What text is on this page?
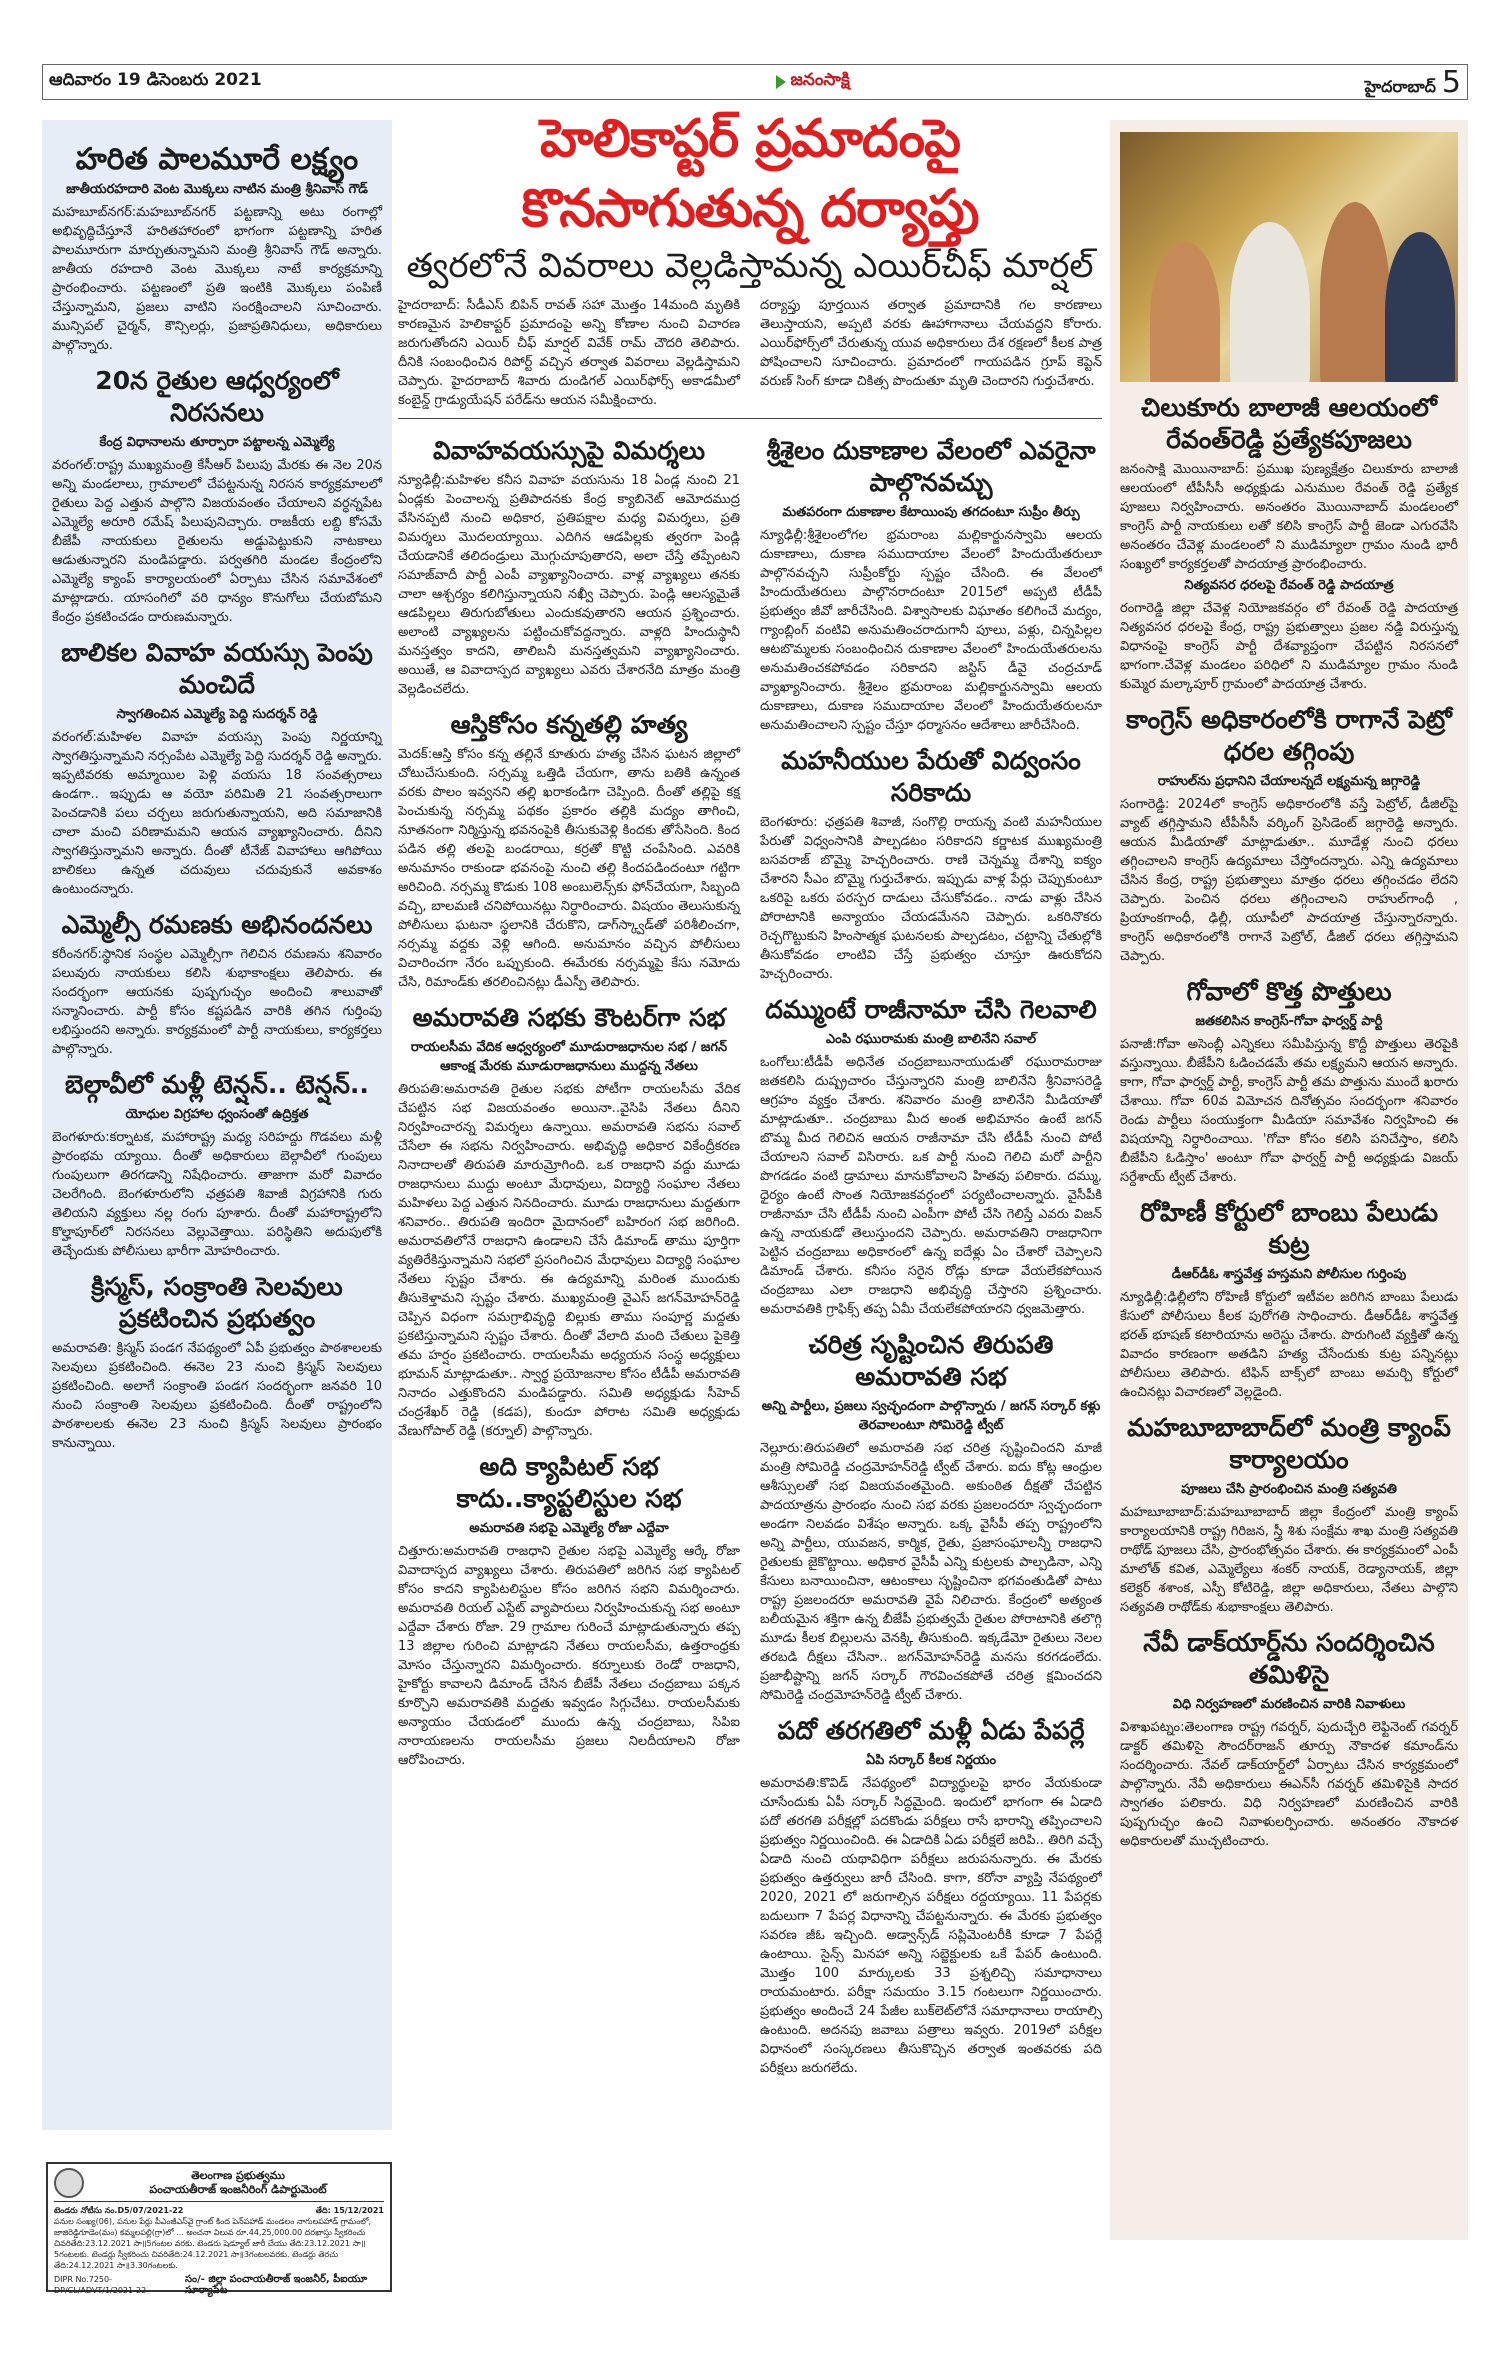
ఆదివారం 19 డిసెంబరు 2021	జనంసాక్షి	హైదరాబాద్ 5
హరిత పాలమూరే లక్ష్యం
జాతీయరహదారి వెంట మొక్కలు నాటిన మంత్రి శ్రీనివాస్ గౌడ్

మహబూబ్‌నగర్:మహబూబ్‌నగర్ పట్టణాన్ని అటు రంగాల్లో అభివృద్ధిచేస్తూనే హరితహారంలో భాగంగా పట్టణాన్ని హరిత పాలమూరుగా మార్చుతున్నామని మంత్రి శ్రీనివాస్ గౌడ్ అన్నారు. జాతీయ రహదారి వెంట మొక్కలు నాటే కార్యక్రమాన్ని ప్రారంభించారు. పట్టణంలో ప్రతి ఇంటికి మొక్కలు పంపిణీ చేస్తున్నామని, ప్రజలు వాటిని సంరక్షించాలని సూచించారు. మున్సిపల్ చైర్మన్, కౌన్సిలర్లు, ప్రజాప్రతినిధులు, అధికారులు పాల్గొన్నారు.

20న రైతుల ఆధ్వర్యంలో నిరసనలు
కేంద్ర విధానాలను తూర్పారా పట్టాలన్న ఎమ్మెల్యే

వరంగల్:రాష్ట్ర ముఖ్యమంత్రి కేసీఆర్ పిలుపు మేరకు ఈ నెల 20న అన్ని మండలాలు, గ్రామాలలో చేపట్టనున్న నిరసన కార్యక్రమాలలో రైతులు పెద్ద ఎత్తున పాల్గొని విజయవంతం చేయాలని వర్ధన్నపేట ఎమ్మెల్యే అరూరి రమేష్ పిలుపునిచ్చారు. రాజకీయ లబ్ది కోసమే బీజేపీ నాయకులు రైతులను అడ్డుపెట్టుకుని నాటకాలు ఆడుతున్నారని మండిపడ్డారు. పర్వతగిరి మండల కేంద్రంలోని ఎమ్మెల్యే క్యాంప్ కార్యాలయంలో ఏర్పాటు చేసిన సమావేశంలో మాట్లాడారు. యాసంగిలో వరి ధాన్యం కొనుగోలు చేయబోమని కేంద్రం ప్రకటించడం దారుణమన్నారు.

బాలికల వివాహ వయస్సు పెంపు మంచిదే
స్వాగతించిన ఎమ్మెల్యే పెద్ది సుదర్శన్ రెడ్డి

వరంగల్:మహిళల వివాహ వయస్సు పెంపు నిర్ణయాన్ని స్వాగతిస్తున్నామని నర్సంపేట ఎమ్మెల్యే పెద్ది సుదర్శన్ రెడ్డి అన్నారు. ఇప్పటివరకు అమ్మాయిల పెళ్లి వయసు 18 సంవత్సరాలు ఉండగా.. ఇప్పుడు ఆ వయో పరిమితి 21 సంవత్సరాలుగా పెంచడానికి పలు చర్చలు జరుగుతున్నాయని, అది సమాజానికి చాలా మంచి పరిణామమని ఆయన వ్యాఖ్యానించారు. దీనిని స్వాగతిస్తున్నామని అన్నారు. దీంతో టీనేజ్ వివాహాలు ఆగిపోయి బాలికలు ఉన్నత చదువులు చదువుకునే అవకాశం ఉంటుందన్నారు.

ఎమ్మెల్సీ రమణకు అభినందనలు

కరీంనగర్:స్థానిక సంస్థల ఎమ్మెల్సీగా గెలిచిన రమణను శనివారం పలువురు నాయకులు కలిసి శుభాకాంక్షలు తెలిపారు. ఈ సందర్భంగా ఆయనకు పుష్పగుచ్ఛం అందించి శాలువాతో సన్మానించారు. పార్టీ కోసం కష్టపడిన వారికి తగిన గుర్తింపు లభిస్తుందని అన్నారు. కార్యక్రమంలో పార్టీ నాయకులు, కార్యకర్తలు పాల్గొన్నారు.

బెల్గావీలో మళ్లీ టెన్షన్.. టెన్షన్..
యోధుల విగ్రహాల ధ్వంసంతో ఉద్రిక్తత

బెంగళూరు:కర్నాటక, మహారాష్ట్ర మధ్య సరిహద్దు గొడవలు మళ్లీ ప్రారంభమ య్యాయి. దీంతో అధికారులు బెల్గావీలో గుంపులు గుంపులుగా తిరగడాన్ని నిషేధించారు. తాజాగా మరో వివాదం చెలరేగింది. బెంగళూరులోని ఛత్రపతి శివాజీ విగ్రహానికి గురు తెలియని వ్యక్తులు నల్ల రంగు పూశారు. దీంతో మహారాష్ట్రలోని కొల్హాపూర్‌లో నిరసనలు వెల్లువెత్తాయి. పరిస్థితిని అదుపులోకి తెచ్చేందుకు పోలీసులు భారీగా మోహరించారు.

క్రిస్మస్, సంక్రాంతి సెలవులు ప్రకటించిన ప్రభుత్వం

అమరావతి: క్రిస్మస్ పండగ నేపథ్యంలో ఏపీ ప్రభుత్వం పాఠశాలలకు సెలవులు ప్రకటించింది. ఈనెల 23 నుంచి క్రిస్మస్ సెలవులు ప్రకటించింది. అలాగే సంక్రాంతి పండగ సందర్భంగా జనవరి 10 నుంచి సంక్రాంతి సెలవులు ప్రకటించింది. దీంతో రాష్ట్రంలోని పాఠశాలలకు ఈనెల 23 నుంచి క్రిస్మస్ సెలవులు ప్రారంభం కానున్నాయి.

హెలికాప్టర్ ప్రమాదంపై కొనసాగుతున్న దర్యాప్తు
త్వరలోనే వివరాలు వెల్లడిస్తామన్న ఎయిర్‌చీఫ్ మార్షల్

హైదరాబాద్: సీడీఎస్ బిపిన్ రావత్ సహా మొత్తం 14మంది మృతికి కారణమైన హెలికాప్టర్ ప్రమాదంపై అన్ని కోణాల నుంచి విచారణ జరుగుతోందని ఎయిర్ చీఫ్ మార్షల్ వివేక్ రామ్ చౌదరి తెలిపారు. దీనికి సంబంధించిన రిపోర్ట్ వచ్చిన తర్వాత వివరాలు వెల్లడిస్తామని చెప్పారు. హైదరాబాద్ శివారు దుండిగల్ ఎయిర్‌ఫోర్స్ అకాడమీలో కంబైన్డ్ గ్రాడ్యుయేషన్ పరేడ్‌ను ఆయన సమీక్షించారు.

దర్యాప్తు పూర్తయిన తర్వాత ప్రమాదానికి గల కారణాలు తెలుస్తాయని, అప్పటి వరకు ఊహాగానాలు చేయవద్దని కోరారు. ఎయిర్‌ఫోర్స్‌లో చేరుతున్న యువ అధికారులు దేశ రక్షణలో కీలక పాత్ర పోషించాలని సూచించారు. ప్రమాదంలో గాయపడిన గ్రూప్ కెప్టెన్ వరుణ్ సింగ్ కూడా చికిత్స పొందుతూ మృతి చెందారని గుర్తుచేశారు.

వివాహవయస్సుపై విమర్శలు

న్యూఢిల్లీ:మహిళల కనీస వివాహ వయసును 18 ఏండ్ల నుంచి 21 ఏండ్లకు పెంచాలన్న ప్రతిపాదనకు కేంద్ర క్యాబినెట్ ఆమోదముద్ర వేసినప్పటి నుంచి అధికార, ప్రతిపక్షాల మధ్య విమర్శలు, ప్రతి విమర్శలు మొదలయ్యాయి. ఎదిగిన ఆడపిల్లకు త్వరగా పెండ్లి చేయడానికే తలిదండ్రులు మొగ్గుచూపుతారని, అలా చేస్తే తప్పేంటని సమాజ్‌వాదీ పార్టీ ఎంపీ వ్యాఖ్యానించారు. వాళ్ల వ్యాఖ్యలు తనకు చాలా ఆశ్చర్యం కలిగిస్తున్నాయని నఖ్వీ చెప్పారు. పెండ్లి ఆలస్యమైతే ఆడపిల్లలు తిరుగుబోతులు ఎందుకవుతారని ఆయన ప్రశ్నించారు. అలాంటి వ్యాఖ్యలను పట్టించుకోవద్దన్నారు. వాళ్లది హిందుస్థానీ మనస్తత్వం కాదని, తాలిబనీ మనస్తత్వమని వ్యాఖ్యానించారు. అయితే, ఆ వివాదాస్పద వ్యాఖ్యలు ఎవరు చేశారనేది మాత్రం మంత్రి వెల్లడించలేదు.

ఆస్తికోసం కన్నతల్లి హత్య

మెదక్:ఆస్తి కోసం కన్న తల్లినే కూతురు హత్య చేసిన ఘటన జిల్లాలో చోటుచేసుకుంది. సర్సమ్మ ఒత్తిడి చేయగా, తాను బతికి ఉన్నంత వరకు పొలం ఇవ్వనని తల్లి ఖరాకండిగా చెప్పింది. దీంతో తల్లిపై కక్ష పెంచుకున్న నర్సమ్మ పథకం ప్రకారం తల్లికి మద్యం తాగించి, నూతనంగా నిర్మిస్తున్న భవనంపైకి తీసుకువెళ్లి కిందకు తోసేసింది. కింద పడిన తల్లి తలపై బండరాయి, కర్రతో కొట్టి చంపేసింది. ఎవరికి అనుమానం రాకుండా భవనంపై నుంచి తల్లి కిందపడిందంటూ గట్టిగా అరిచింది. నర్సమ్మ కొడుకు 108 అంబులెన్స్‌కు ఫోన్‌చేయగా, సిబ్బంది వచ్చి, బాలమణి చనిపోయినట్లు నిర్ధారించారు. విషయం తెలుసుకున్న పోలీసులు ఘటనా స్థలానికి చేరుకొని, డాగ్‌స్క్వాడ్‌తో పరిశీలించగా, నర్సమ్మ వద్దకు వెళ్లి ఆగింది. అనుమానం వచ్చిన పోలీసులు విచారించగా నేరం ఒప్పుకుంది. ఈమేరకు నర్సమ్మపై కేసు నమోదు చేసి, రిమాండ్‌కు తరలించినట్లు డీఎస్పీ తెలిపారు.

అమరావతి సభకు కౌంటర్‌గా సభ
రాయలసీమ వేదిక ఆధ్వర్యంలో మూడురాజధానుల సభ / జగన్ ఆకాంక్ష మేరకు మూడురాజధానులు ముద్దన్న నేతలు

తిరుపతి:అమరావతి రైతుల సభకు పోటీగా రాయలసీమ వేదిక చేపట్టిన సభ విజయవంతం అయినా..వైసిపి నేతలు దీనిని నిర్వహించారన్న విమర్శలు ఉన్నాయి. అమరావతి సభను సవాల్ చేసేలా ఈ సభను నిర్వహించారు. అభివృద్ధి అధికార వికేంద్రీకరణ నినాదాలతో తిరుపతి మారుమ్రోగింది. ఒక రాజధాని వద్దు మూడు రాజధానులు ముద్దు అంటూ మేధావులు, విద్యార్థి సంఘాల నేతలు మహిళలు పెద్ద ఎత్తున నినదించారు. మూడు రాజధానులు మద్దతుగా శనివారం.. తిరుపతి ఇందిరా మైదానంలో బహిరంగ సభ జరిగింది. అమరావతిలోనే రాజధాని ఉండాలని చేసే డిమాండ్ తాము పూర్తిగా వ్యతిరేకిస్తున్నామని సభలో ప్రసంగించిన మేధావులు విద్యార్థి సంఘాల నేతలు స్పష్టం చేశారు. ఈ ఉద్యమాన్ని మరింత ముందుకు తీసుకెళ్తామని స్పష్టం చేశారు. ముఖ్యమంత్రి వైఎస్ జగన్‌మోహన్‌రెడ్డి చెప్పిన విధంగా సమగ్రాభివృద్ధి బిల్లుకు తాము సంపూర్ణ మద్దతు ప్రకటిస్తున్నామని స్పష్టం చేశారు. దీంతో వేలాది మంది చేతులు పైకెత్తి తమ హర్షం ప్రకటించారు. రాయలసీమ అధ్యయన సంస్థ అధ్యక్షులు భూమన్ మాట్లాడుతూ.. స్వార్థ ప్రయోజనాల కోసం టీడీపీ అమరావతి నినాదం ఎత్తుకొందని మండిపడ్డారు. సమితి అధ్యక్షుడు సీహెచ్ చంద్రశేఖర్ రెడ్డి (కడప), కుందూ పోరాట సమితి అధ్యక్షుడు వేణుగోపాల్ రెడ్డి (కర్నూల్) పాల్గొన్నారు.

అది క్యాపిటల్ సభ కాదు..క్యాప్టలిస్టుల సభ
అమరావతి సభపై ఎమ్మెల్యే రోజా ఎద్దేవా

చిత్తూరు:అమరావతి రాజధాని రైతుల సభపై ఎమ్మెల్యే ఆర్కే రోజా వివాదాస్పద వ్యాఖ్యలు చేశారు. తిరుపతిలో జరిగిన సభ క్యాపిటల్ కోసం కాదని క్యాపిటలిస్టుల కోసం జరిగిన సభని విమర్శించారు. అమరావతి రియల్ ఎస్టేట్ వ్యాపారులు నిర్వహించుకున్న సభ అంటూ ఎద్దేవా చేశారు రోజా. 29 గ్రామాల గురించే మాట్లాడుతున్నారు తప్ప 13 జిల్లాల గురించి మాట్లాడని నేతలు రాయలసీమ, ఉత్తరాంధ్రకు మోసం చేస్తున్నారని విమర్శించారు. కర్నూలుకు రెండో రాజధాని, హైకోర్టు కావాలని డిమాండ్ చేసిన బీజేపీ నేతలు చంద్రబాబు పక్కన కూర్చొని అమరావతికి మద్దతు ఇవ్వడం సిగ్గుచేటు. రాయలసీమకు అన్యాయం చేయడంలో ముందు ఉన్న చంద్రబాబు, సిపిఐ నారాయణలను రాయలసీమ ప్రజలు నిలదీయాలని రోజా ఆరోపించారు.

శ్రీశైలం దుకాణాల వేలంలో ఎవరైనా పాల్గొనవచ్చు
మతపరంగా దుకాణాల కేటాయింపు తగదంటూ సుప్రీం తీర్పు

న్యూఢిల్లీ:శ్రీశైలంలోగల భ్రమరాంబ మల్లికార్జునస్వామి ఆలయ దుకాణాలు, దుకాణ సముదాయాల వేలంలో హిందుయేతరులూ పాల్గొనవచ్చని సుప్రీంకోర్టు స్పష్టం చేసింది. ఈ వేలంలో హిందుయేతరులు పాల్గొనరాదంటూ 2015లో అప్పటి టీడీపీ ప్రభుత్వం జీవో జారీచేసింది. విశ్వాసాలకు విఘాతం కలిగించే మద్యం, గ్యాంబ్లింగ్ వంటివి అనుమతించరాదుగానీ పూలు, పళ్లు, చిన్నపిల్లల ఆటబొమ్మలకు సంబంధించిన దుకాణాల వేలంలో హిందుయేతరులను అనుమతించకపోవడం సరికాదని జస్టిస్ డీవై చంద్రచూడ్ వ్యాఖ్యానించారు. శ్రీశైలం భ్రమరాంబ మల్లికార్జునస్వామి ఆలయ దుకాణాలు, దుకాణ సముదాయాల వేలంలో హిందుయేతరులనూ అనుమతించాలని స్పష్టం చేస్తూ ధర్మాసనం ఆదేశాలు జారీచేసింది.

మహనీయుల పేరుతో విద్వంసం సరికాదు

బెంగళూరు: ఛత్రపతి శివాజీ, సంగొల్లి రాయన్న వంటి మహనీయుల పేరుతో విధ్వంసానికి పాల్పడటం సరికాదని కర్ణాటక ముఖ్యమంత్రి బసవరాజ్ బొమ్మై హెచ్చరించారు. రాణి చెన్నమ్మ దేశాన్ని ఐక్యం చేశారని సీఎం బొమ్మై గుర్తుచేశారు. ఇప్పుడు వాళ్ల పేర్లు చెప్పుకుంటూ ఒకరిపై ఒకరు పరస్పర దాడులు చేసుకోవడం.. నాడు వాళ్లు చేసిన పోరాటానికి అన్యాయం చేయడమేనని చెప్పారు. ఒకరినొకరు రెచ్చగొట్టుకుని హింసాత్మక ఘటనలకు పాల్పడటం, చట్టాన్ని చేతుల్లోకి తీసుకోవడం లాంటివి చేస్తే ప్రభుత్వం చూస్తూ ఊరుకోదని హెచ్చరించారు.

దమ్ముంటే రాజీనామా చేసి గెలవాలి
ఎంపి రఘురామకు మంత్రి బాలినేని సవాల్

ఒంగోలు:టీడీపీ అధినేత చంద్రబాబునాయుడుతో రఘురామరాజు జతకలిసి దుష్ప్రచారం చేస్తున్నారని మంత్రి బాలినేని శ్రీనివాసరెడ్డి ఆగ్రహం వ్యక్తం చేశారు. శనివారం మంత్రి బాలినేని మీడియాతో మాట్లాడుతూ.. చంద్రబాబు మీద అంత అభిమానం ఉంటే జగన్ బొమ్మ మీద గెలిచిన ఆయన రాజీనామా చేసి టీడీపీ నుంచి పోటీ చేయాలని సవాల్ విసిరారు. ఒక పార్టీ నుంచి గెలిచి మరో పార్టీని పొగడడం వంటి డ్రామాలు మానుకోవాలని హితవు పలికారు. దమ్ము, ధైర్యం ఉంటే సొంత నియోజకవర్గంలో పర్యటించాలన్నారు. వైసీపీకి రాజీనామా చేసి టీడీపీ నుంచి ఎంపీగా పోటీ చేసి గెలిస్తే ఎవరు విజన్ ఉన్న నాయకుడో తెలుస్తుందని చెప్పారు. అమరావతిని రాజధానిగా పెట్టిన చంద్రబాబు అధికారంలో ఉన్న ఐదేళ్లు ఏం చేశారో చెప్పాలని డిమాండ్ చేశారు. కనీసం సరైన రోడ్లు కూడా వేయలేకపోయిన చంద్రబాబు ఎలా రాజధాని అభివృద్ధి చేస్తారని ప్రశ్నించారు. అమరావతికి గ్రాఫిక్స్ తప్ప ఏమీ చేయలేకపోయారని ధ్వజమెత్తారు.

చరిత్ర సృష్టించిన తిరుపతి అమరావతి సభ
అన్ని పార్టీలు, ప్రజలు స్వచ్ఛందంగా పాల్గొన్నారు / జగన్ సర్కార్ కళ్లు తెరవాలంటూ సోమిరెడ్డి ట్వీట్

నెల్లూరు:తిరుపతిలో అమరావతి సభ చరిత్ర సృష్టించిందని మాజీ మంత్రి సోమిరెడ్డి చంద్రమోహన్‌రెడ్డి ట్వీట్ చేశారు. ఐదు కోట్ల ఆంధ్రుల ఆశీస్సులతో సభ విజయవంతమైంది. అకుంఠిత దీక్షతో చేపట్టిన పాదయాత్రను ప్రారంభం నుంచి సభ వరకు ప్రజలందరూ స్వచ్ఛందంగా అండగా నిలవడం విశేషం అన్నారు. ఒక్క వైసీపీ తప్ప రాష్ట్రంలోని అన్ని పార్టీలు, యువజన, కార్మిక, రైతు, ప్రజాసంఘాలన్నీ రాజధాని రైతులకు జైకొట్టాయి. అధికార వైసీపీ ఎన్ని కుట్రలకు పాల్పడినా, ఎన్ని కేసులు బనాయించినా, ఆటంకాలు సృష్టించినా భగవంతుడితో పాటు రాష్ట్ర ప్రజలందరూ అమరావతి వైపే నిలిచారు. కేంద్రంలో అత్యంత బలీయమైన శక్తిగా ఉన్న బీజేపీ ప్రభుత్వమే రైతుల పోరాటానికి తలొగ్గి మూడు కీలక బిల్లులను వెనక్కి తీసుకుంది. ఇక్కడేమో రైతులు నెలల తరబడి దీక్షలు చేసినా.. జగన్‌మోహన్‌రెడ్డి మనసు కరగడంలేదు. ప్రజాభీష్టాన్ని జగన్ సర్కార్ గౌరవించకపోతే చరిత్ర క్షమించదని సోమిరెడ్డి చంద్రమోహన్‌రెడ్డి ట్వీట్ చేశారు.

పదో తరగతిలో మళ్లీ ఏడు పేపర్లే
ఏపి సర్కార్ కీలక నిర్ణయం

అమరావతి:కొవిడ్ నేపథ్యంలో విద్యార్థులపై భారం వేయకుండా చూసేందుకు ఏపీ సర్కార్ సిద్ధమైంది. ఇందులో భాగంగా ఈ ఏడాది పదో తరగతి పరీక్షల్లో పదకొండు పరీక్షలు రాసే భారాన్ని తప్పించాలని ప్రభుత్వం నిర్ణయించింది. ఈ ఏడాదికి ఏడు పరీక్షలే జరిపి.. తిరిగి వచ్చే ఏడాది నుంచి యథావిధిగా పరీక్షలు జరుపనున్నారు. ఈ మేరకు ప్రభుత్వం ఉత్తర్వులు జారీ చేసింది. కాగా, కరోనా వ్యాప్తి నేపథ్యంలో 2020, 2021 లో జరుగాల్సిన పరీక్షలు రద్దయ్యాయి. 11 పేపర్లకు బదులుగా 7 పేపర్ల విధానాన్ని చేపట్టనున్నారు. ఈ మేరకు ప్రభుత్వం సవరణ జీఓ ఇచ్చింది. అడ్వాన్స్‌డ్ సప్లిమెంటరీకి కూడా 7 పేపర్లే ఉంటాయి. సైన్స్ మినహా అన్ని సబ్జెక్టులకు ఒకే పేపర్ ఉంటుంది. మొత్తం 100 మార్కులకు 33 ప్రశ్నలిచ్చి సమాధానాలు రాయమంటారు. పరీక్షా సమయం 3.15 గంటలుగా నిర్ణయించారు. ప్రభుత్వం అందించే 24 పేజీల బుక్‌లెట్‌లోనే సమాధానాలు రాయాల్సి ఉంటుంది. అదనపు జవాబు పత్రాలు ఇవ్వరు. 2019లో పరీక్షల విధానంలో సంస్కరణలు తీసుకొచ్చిన తర్వాత ఇంతవరకు పది పరీక్షలు జరుగలేదు.

చిలుకూరు బాలాజీ ఆలయంలో రేవంత్‌రెడ్డి ప్రత్యేకపూజలు

జనంసాక్షి మొయినాబాద్: ప్రముఖ పుణ్యక్షేత్రం చిలుకూరు బాలాజీ ఆలయంలో టీపీసీసీ అధ్యక్షుడు ఎనుముల రేవంత్ రెడ్డి ప్రత్యేక పూజలు నిర్వహించారు. అనంతరం మొయినాబాద్ మండలంలో కాంగ్రెస్ పార్టీ నాయకులు లతో కలిసి కాంగ్రెస్ పార్టీ జెండా ఎగురవేసి అనంతరం చేవెళ్ల మండలంలో ని ముడిమ్యాలా గ్రామం నుండి భారీ సంఖ్యలో కార్యకర్తలతో పాదయాత్ర ప్రారంభించారు.

నిత్యవసర ధరలపై రేవంత్ రెడ్డి పాదయాత్ర

రంగారెడ్డి జిల్లా చేవెళ్ల నియోజకవర్గం లో రేవంత్ రెడ్డి పాదయాత్ర నిత్యవసర ధరలపై కేంద్ర, రాష్ట్ర ప్రభుత్వాలు ప్రజల నడ్డి విరుస్తున్న విధానంపై కాంగ్రెస్ పార్టీ దేశవ్యాప్తంగా చేపట్టిన నిరసనలో భాగంగా.చేవెళ్ల మండలం పరిధిలో ని ముడిమ్యాల గ్రామం నుండి కుమ్మెర మల్కాపూర్ గ్రామంలో పాదయాత్ర చేశారు.

కాంగ్రెస్ అధికారంలోకి రాగానే పెట్రో ధరల తగ్గింపు
రాహుల్‌ను ప్రధానిని చేయాలన్నదే లక్ష్యమన్న జగ్గారెడ్డి

సంగారెడ్డి: 2024లో కాంగ్రెస్ అధికారంలోకి వస్తే పెట్రోల్, డీజిల్‌పై వ్యాట్ తగ్గిస్తామని టీపీసీసీ వర్కింగ్ ప్రెసిడెంట్ జగ్గారెడ్డి అన్నారు. ఆయన మీడియాతో మాట్లాడుతూ.. మూడేళ్ల నుంచి ధరలు తగ్గించాలని కాంగ్రెస్ ఉద్యమాలు చేస్తోందన్నారు. ఎన్ని ఉద్యమాలు చేసిన కేంద్ర, రాష్ట్ర ప్రభుత్వాలు మాత్రం ధరలు తగ్గించడం లేదని చెప్పారు. పెంచిన ధరలు తగ్గించాలని రాహుల్‌గాంధీ , ప్రియాంకగాంధీ, ఢిల్లీ, యూపీలో పాదయాత్ర చేస్తున్నారన్నారు. కాంగ్రెస్ అధికారంలోకి రాగానే పెట్రోల్, డీజిల్ ధరలు తగ్గిస్తామని చెప్పారు.

గోవాలో కొత్త పొత్తులు
జతకలిసిన కాంగ్రెస్-గోవా ఫార్వర్డ్ పార్టీ

పనాజీ:గోవా అసెంబ్లీ ఎన్నికలు సమీపిస్తున్న కొద్దీ పొత్తులు తెరపైకి వస్తున్నాయి. బీజేపీని ఓడించడమే తమ లక్ష్యమని ఆయన అన్నారు. కాగా, గోవా ఫార్వర్డ్ పార్టీ, కాంగ్రెస్ పార్టీ తమ పొత్తును ముందే ఖరారు చేశాయి. గోవా 60వ విమోచన దినోత్సవం సందర్భంగా శనివారం రెండు పార్టీలు సంయుక్తంగా మీడియా సమావేశం నిర్వహించి ఈ విషయాన్ని నిర్ధారించాయి. 'గోవా కోసం కలిసి పనిచేస్తాం, కలిసి బీజేపీని ఓడిస్తాం' అంటూ గోవా ఫార్వర్డ్ పార్టీ అధ్యక్షుడు విజయ్ సర్దేశాయ్ ట్వీట్ చేశారు.

రోహిణీ కోర్టులో బాంబు పేలుడు కుట్ర
డీఆర్‌డీఓ శాస్త్రవేత్త హస్తమని పోలీసుల గుర్తింపు

న్యూఢిల్లీ:ఢిల్లీలోని రోహిణీ కోర్టులో ఇటీవల జరిగిన బాంబు పేలుడు కేసులో పోలీసులు కీలక పురోగతి సాధించారు. డీఆర్‌డీఓ శాస్త్రవేత్త భరత్ భూషణ్ కటారియాను అరెస్టు చేశారు. పొరుగింటి వ్యక్తితో ఉన్న వివాదం కారణంగా అతడిని హత్య చేసేందుకు కుట్ర పన్నినట్లు పోలీసులు తెలిపారు. టిఫిన్ బాక్స్‌లో బాంబు అమర్చి కోర్టులో ఉంచినట్లు విచారణలో వెల్లడైంది.

మహబూబాబాద్‌లో మంత్రి క్యాంప్ కార్యాలయం
పూజలు చేసి ప్రారంభించిన మంత్రి సత్యవతి

మహబూబాబాద్:మహబూబాబాద్ జిల్లా కేంద్రంలో మంత్రి క్యాంప్ కార్యాలయానికి రాష్ట్ర గిరిజన, స్త్రీ శిశు సంక్షేమ శాఖ మంత్రి సత్యవతి రాథోడ్ పూజలు చేసి, ప్రారంభోత్సవం చేశారు. ఈ కార్యక్రమంలో ఎంపీ మాలోత్ కవిత, ఎమ్మెల్యేలు శంకర్ నాయక్, రెడ్యానాయక్, జిల్లా కలెక్టర్ శశాంక, ఎస్పీ కోటిరెడ్డి, జిల్లా అధికారులు, నేతలు పాల్గొని సత్యవతి రాథోడ్‌కు శుభాకాంక్షలు తెలిపారు.

నేవీ డాక్‌యార్డ్‌ను సందర్శించిన తమిళిసై
విధి నిర్వహణలో మరణించిన వారికి నివాళులు

విశాఖపట్నం:తెలంగాణ రాష్ట్ర గవర్నర్, పుదుచ్చేరి లెఫ్టినెంట్ గవర్నర్ డాక్టర్ తమిళిసై సౌందర్‌రాజన్ తూర్పు నౌకాదళ కమాండ్‌ను సందర్శించారు. నేవల్ డాక్‌యార్డ్‌లో ఏర్పాటు చేసిన కార్యక్రమంలో పాల్గొన్నారు. నేవీ అధికారులు ఈఎన్‌సీ గవర్నర్ తమిళిసైకి సాదర స్వాగతం పలికారు. విధి నిర్వహణలో మరణించిన వారికి పుష్పగుచ్ఛం ఉంచి నివాళులర్పించారు. అనంతరం నౌకాదళ అధికారులతో ముచ్చటించారు.

తెలంగాణ ప్రభుత్వము
పంచాయతీరాజ్ ఇంజనీరింగ్ డిపార్టుమెంట్
టెండరు నోటీసు నం.D5/07/2021-22	తేది: 15/12/2021
పనుల సంఖ్య(06), పనుల పేర్లు పీఎంజీఎస్‌వై గ్రాంట్ కింద పెన్‌పహాడ్ మండలం నాగులపహాడ్ గ్రామంలో, జాజిరెడ్డిగూడెం(మం) కమ్మలపల్లి(గ్రా)లో ... అంచనా విలువ రూ.44,25,000.00 దరఖాస్తు స్వీకరించు చివరితేది:23.12.2021 సా॥5గంటల వరకు. టెండరు షెడ్యూల్ జారీ చేయు తేది:23.12.2021 సా॥5గంటలకు. టెండర్లు స్వీకరించు చివరితేది:24.12.2021 సా॥3గంటలవరకు. టెండర్లు తెరచు తేది:24.12.2021 సా॥3.30గంటలకు.
DIPR No.7250-DP/CL/ADVT/1/2021-22
సం/- జిల్లా పంచాయతీరాజ్ ఇంజనీర్, పీఐయూ సూర్యాపేట
